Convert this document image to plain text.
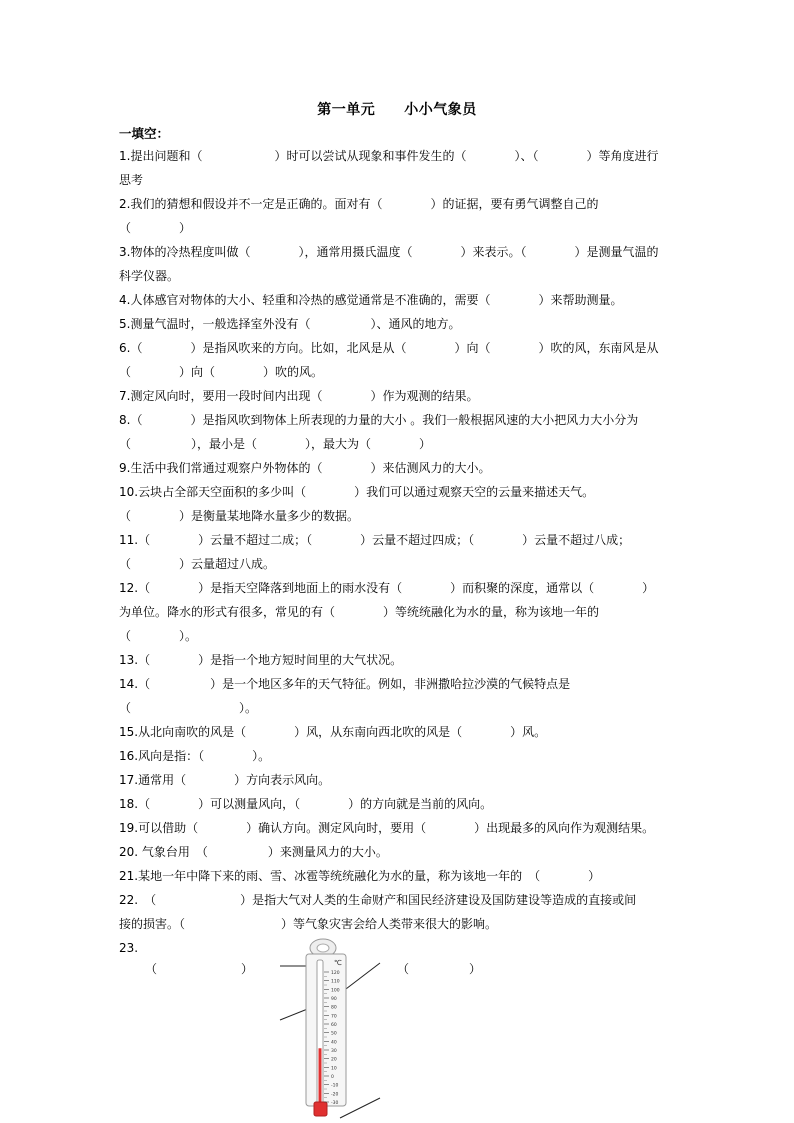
第一单元　　小小气象员
一填空：
1.提出问题和（　　　　　　）时可以尝试从现象和事件发生的（　　　　）、（　　　　）等角度进行
思考
2.我们的猜想和假设并不一定是正确的。面对有（　　　　）的证据，要有勇气调整自己的
（　　　　）
3.物体的冷热程度叫做（　　　　），通常用摄氏温度（　　　　）来表示。（　　　　）是测量气温的
科学仪器。
4.人体感官对物体的大小、轻重和冷热的感觉通常是不准确的，需要（　　　　）来帮助测量。
5.测量气温时，一般选择室外没有（　　　　　）、通风的地方。
6.（　　　　）是指风吹来的方向。比如，北风是从（　　　　）向（　　　　）吹的风，东南风是从
（　　　　）向（　　　　）吹的风。
7.测定风向时，要用一段时间内出现（　　　　）作为观测的结果。
8.（　　　　）是指风吹到物体上所表现的力量的大小 。我们一般根据风速的大小把风力大小分为
（　　　　　），最小是（　　　　），最大为（　　　　）
9.生活中我们常通过观察户外物体的（　　　　）来估测风力的大小。
10.云块占全部天空面积的多少叫（　　　　）我们可以通过观察天空的云量来描述天气。
（　　　　）是衡量某地降水量多少的数据。
11.（　　　　）云量不超过二成；（　　　　）云量不超过四成；（　　　　）云量不超过八成；
（　　　　）云量超过八成。
12.（　　　　）是指天空降落到地面上的雨水没有（　　　　）而积聚的深度，通常以（　　　　）
为单位。降水的形式有很多，常见的有（　　　　）等统统融化为水的量，称为该地一年的
（　　　　）。
13.（　　　　）是指一个地方短时间里的大气状况。
14.（　　　　　）是一个地区多年的天气特征。例如，非洲撒哈拉沙漠的气候特点是
（　　　　　　　　　）。
15.从北向南吹的风是（　　　　）风，从东南向西北吹的风是（　　　　）风。
16.风向是指：（　　　　）。
17.通常用（　　　　）方向表示风向。
18.（　　　　）可以测量风向，（　　　　）的方向就是当前的风向。
19.可以借助（　　　　）确认方向。测定风向时，要用（　　　　）出现最多的风向作为观测结果。
20. 气象台用　（　　　　　）来测量风力的大小。
21.某地一年中降下来的雨、雪、冰雹等统统融化为水的量，称为该地一年的　（　　　　）
22.　（　　　　　　　）是指大气对人类的生命财产和国民经济建设及国防建设等造成的直接或间
接的损害。（　　　　　　　　）等气象灾害会给人类带来很大的影响。
23.
（　　　　　　　）	（　　　　　）
℃
120
110
100
90
80
70
60
50
40
30
20
10
0
-10
-20
-30
